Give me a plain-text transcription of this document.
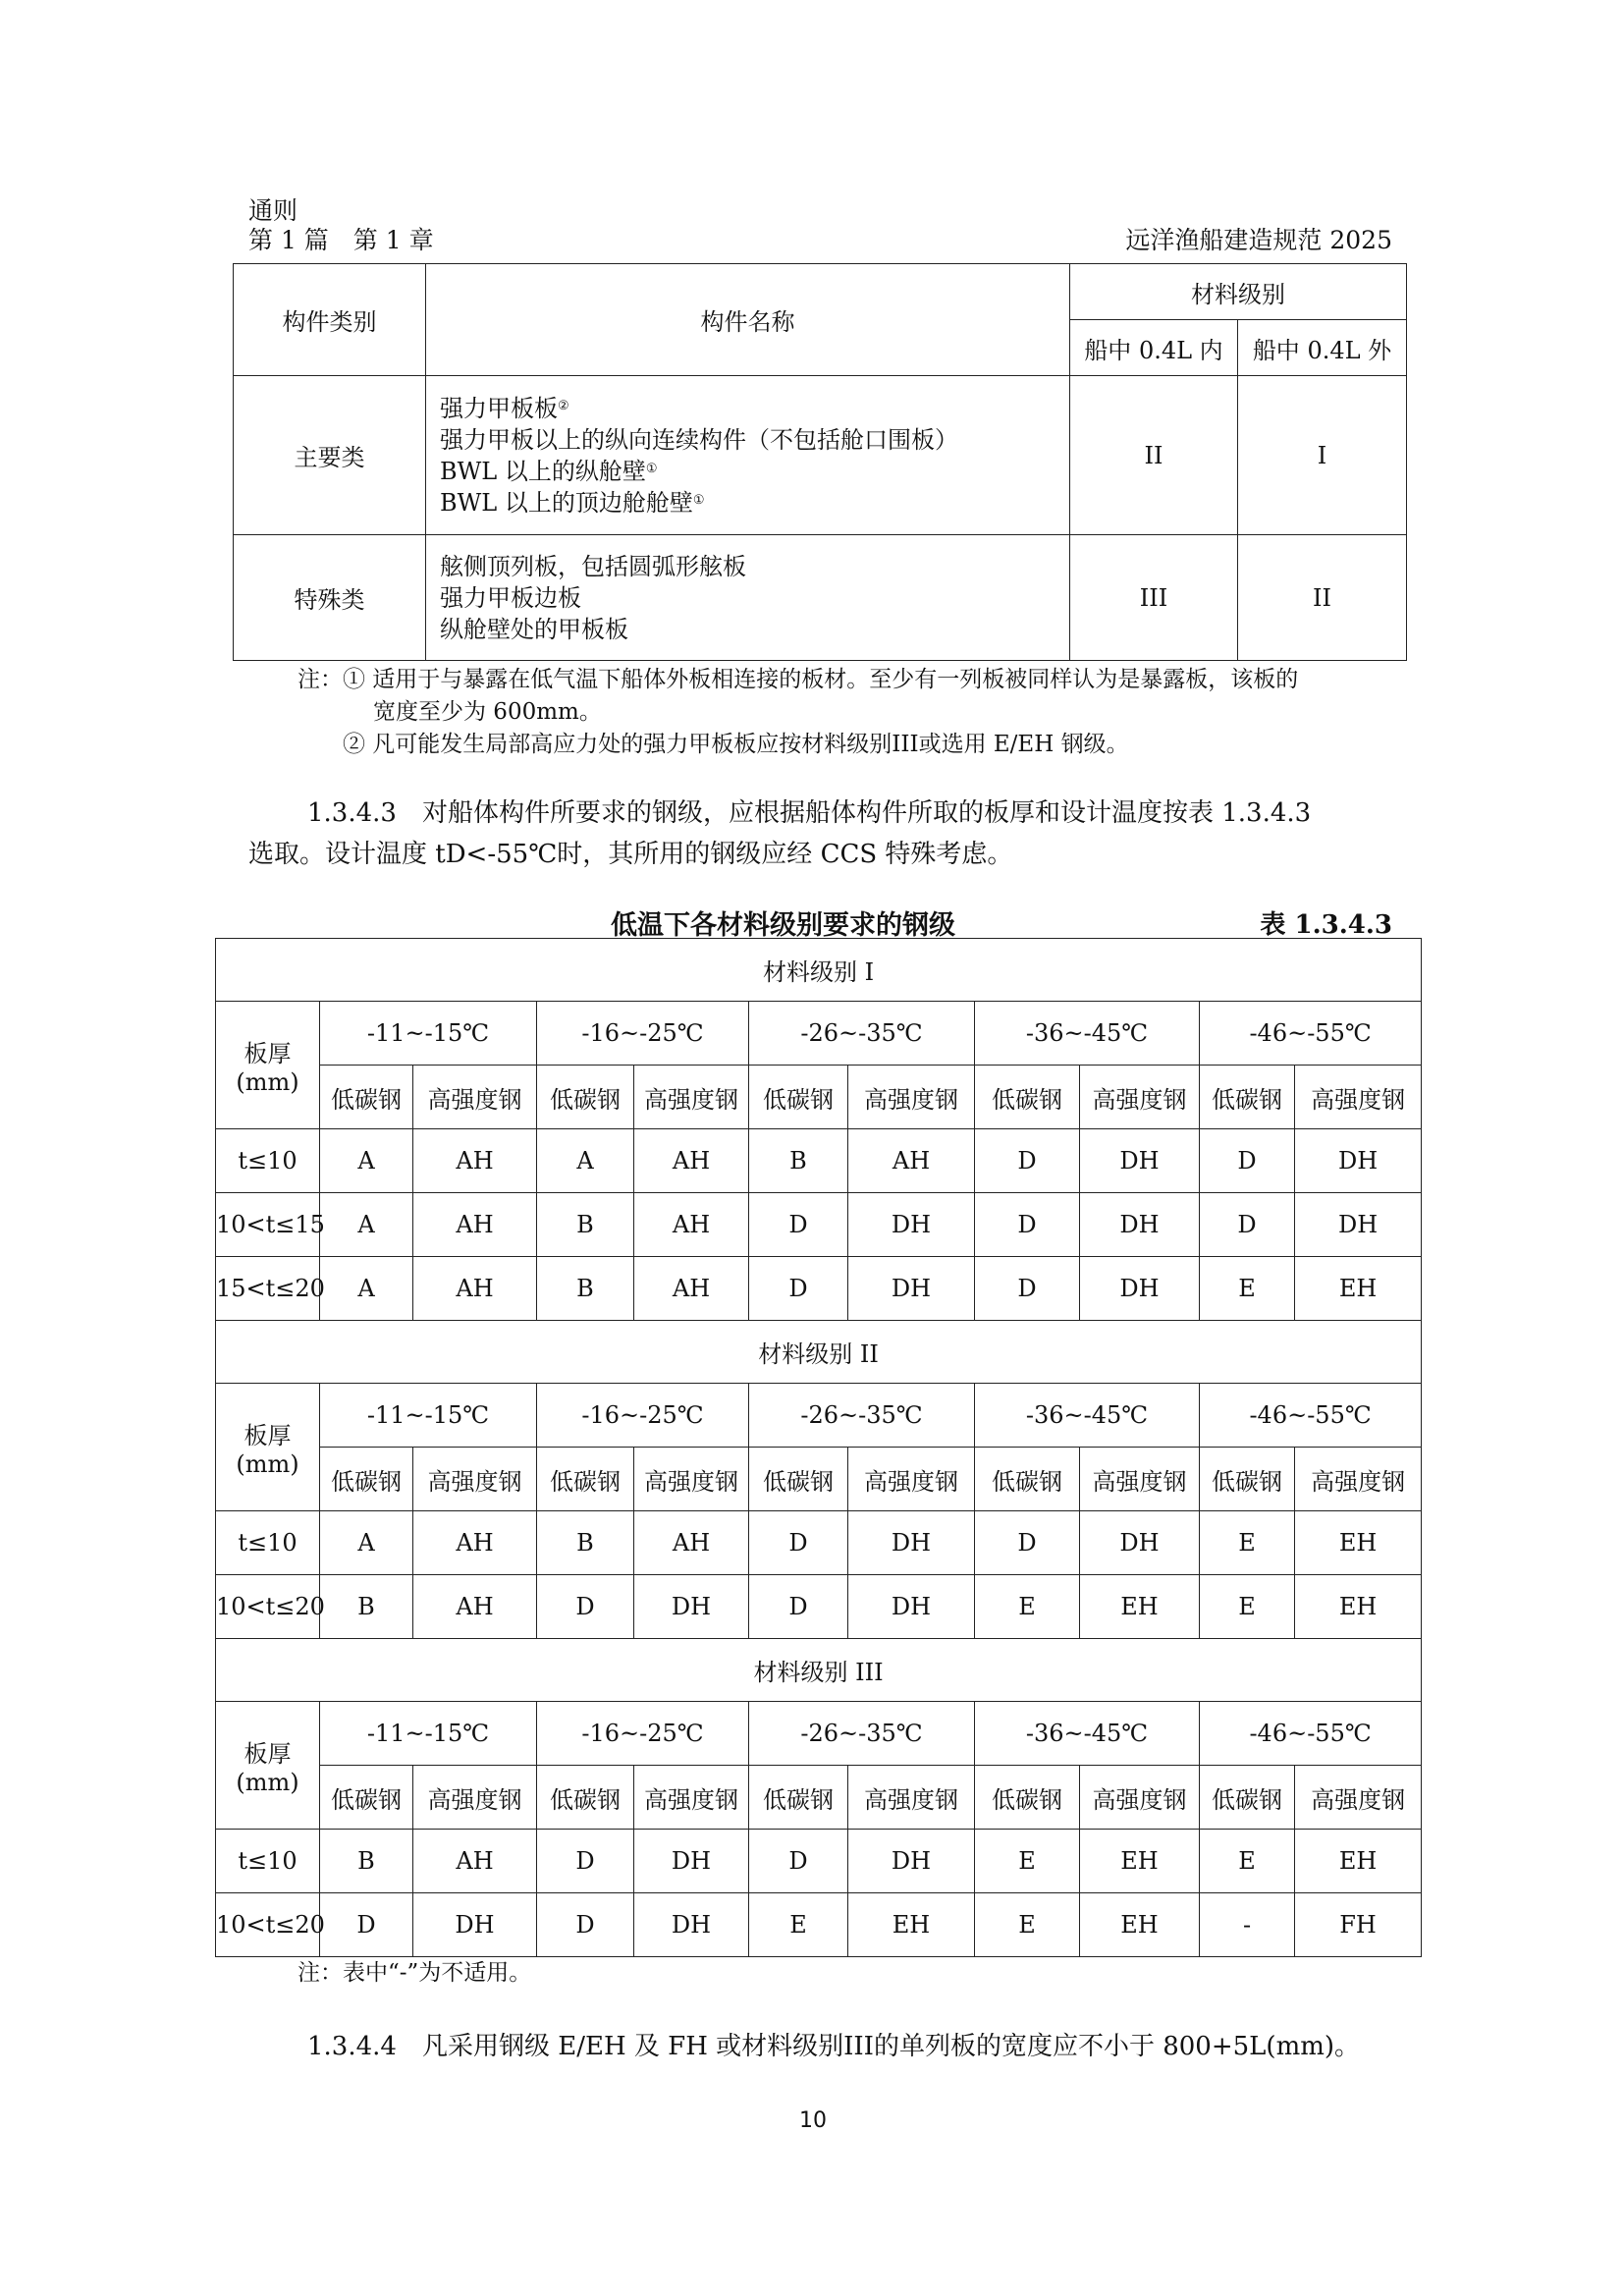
通则
第 1 篇　第 1 章	远洋渔船建造规范 2025
构件类别	构件名称	材料级别	
		船中 0.4L 内	船中 0.4L 外
主要类	强力甲板板②
强力甲板以上的纵向连续构件（不包括舱口围板）
BWL 以上的纵舱壁①
BWL 以上的顶边舱舱壁①	II	I
特殊类	舷侧顶列板，包括圆弧形舷板
强力甲板边板
纵舱壁处的甲板板	III	II
注：① 适用于与暴露在低气温下船体外板相连接的板材。至少有一列板被同样认为是暴露板，该板的
宽度至少为 600mm。
② 凡可能发生局部高应力处的强力甲板板应按材料级别III或选用 E/EH 钢级。
1.3.4.3　对船体构件所要求的钢级，应根据船体构件所取的板厚和设计温度按表 1.3.4.3
选取。设计温度 tD<-55℃时，其所用的钢级应经 CCS 特殊考虑。
低温下各材料级别要求的钢级	表 1.3.4.3
材料级别 I										

板厚
(mm)	-11~-15℃		-16~-25℃		-26~-35℃		-36~-45℃		-46~-55℃	
	低碳钢	高强度钢	低碳钢	高强度钢	低碳钢	高强度钢	低碳钢	高强度钢	低碳钢	高强度钢
t≤10	A	AH	A	AH	B	AH	D	DH	D	DH
10<t≤15	A	AH	B	AH	D	DH	D	DH	D	DH
15<t≤20	A	AH	B	AH	D	DH	D	DH	E	EH
材料级别 II										

板厚
(mm)	-11~-15℃		-16~-25℃		-26~-35℃		-36~-45℃		-46~-55℃	
	低碳钢	高强度钢	低碳钢	高强度钢	低碳钢	高强度钢	低碳钢	高强度钢	低碳钢	高强度钢
t≤10	A	AH	B	AH	D	DH	D	DH	E	EH
10<t≤20	B	AH	D	DH	D	DH	E	EH	E	EH
材料级别 III										

板厚
(mm)	-11~-15℃		-16~-25℃		-26~-35℃		-36~-45℃		-46~-55℃	
	低碳钢	高强度钢	低碳钢	高强度钢	低碳钢	高强度钢	低碳钢	高强度钢	低碳钢	高强度钢
t≤10	B	AH	D	DH	D	DH	E	EH	E	EH
10<t≤20	D	DH	D	DH	E	EH	E	EH	-	FH
注：表中“-”为不适用。
1.3.4.4　凡采用钢级 E/EH 及 FH 或材料级别III的单列板的宽度应不小于 800+5L(mm)。
10
